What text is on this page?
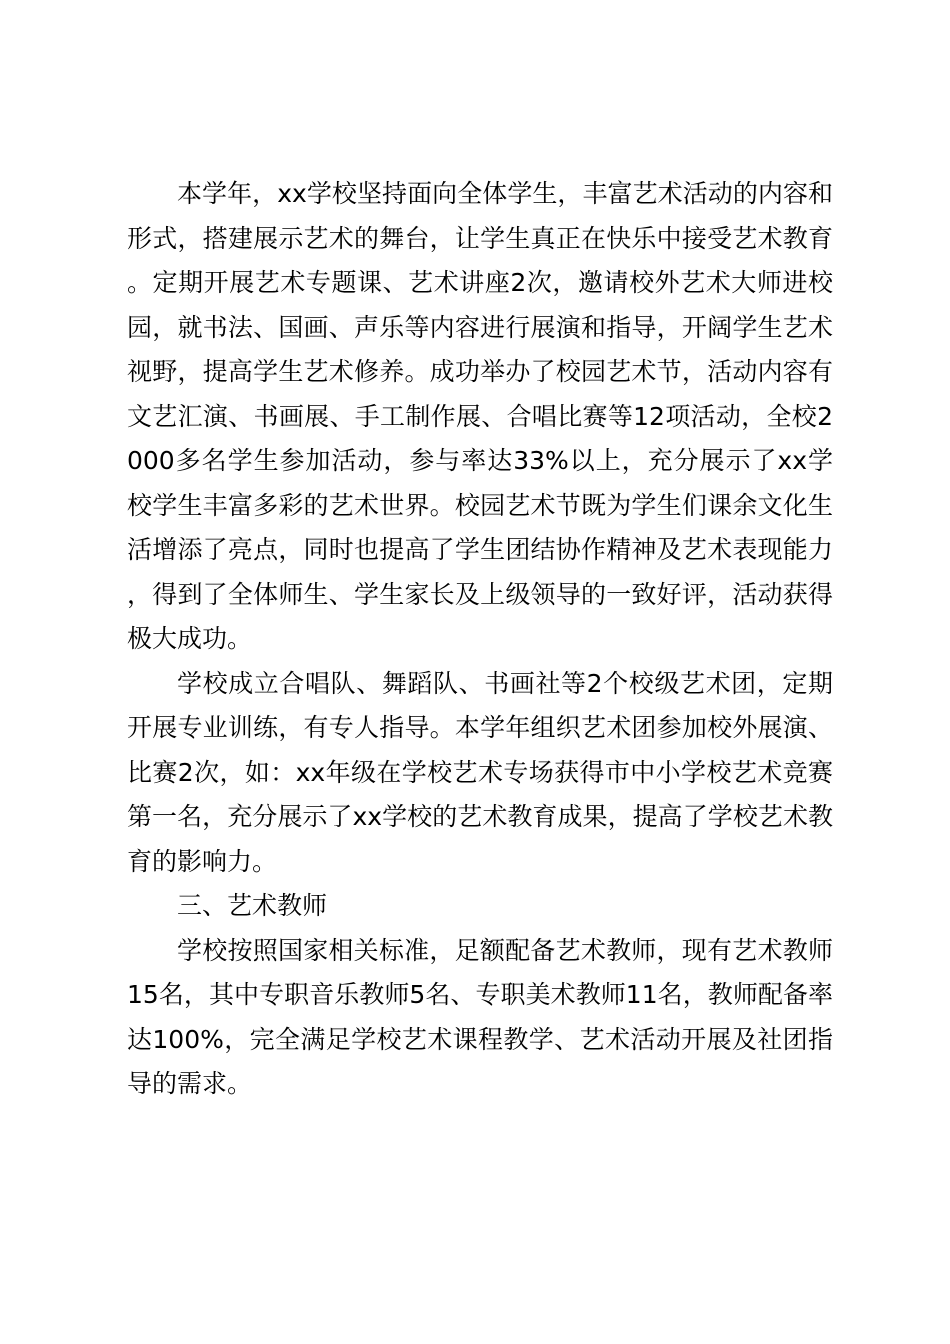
本学年，xx学校坚持面向全体学生，丰富艺术活动的内容和形式，搭建展示艺术的舞台，让学生真正在快乐中接受艺术教育。定期开展艺术专题课、艺术讲座2次，邀请校外艺术大师进校园，就书法、国画、声乐等内容进行展演和指导，开阔学生艺术视野，提高学生艺术修养。成功举办了校园艺术节，活动内容有文艺汇演、书画展、手工制作展、合唱比赛等12项活动，全校2 000多名学生参加活动，参与率达33%以上，充分展示了xx学校学生丰富多彩的艺术世界。校园艺术节既为学生们课余文化生活增添了亮点，同时也提高了学生团结协作精神及艺术表现能力，得到了全体师生、学生家长及上级领导的一致好评，活动获得极大成功。

学校成立合唱队、舞蹈队、书画社等2个校级艺术团，定期开展专业训练，有专人指导。本学年组织艺术团参加校外展演、比赛2次，如：xx年级在学校艺术专场获得市中小学校艺术竞赛第一名，充分展示了xx学校的艺术教育成果，提高了学校艺术教育的影响力。

三、艺术教师

学校按照国家相关标准，足额配备艺术教师，现有艺术教师15名，其中专职音乐教师5名、专职美术教师11名，教师配备率达100%，完全满足学校艺术课程教学、艺术活动开展及社团指导的需求。
